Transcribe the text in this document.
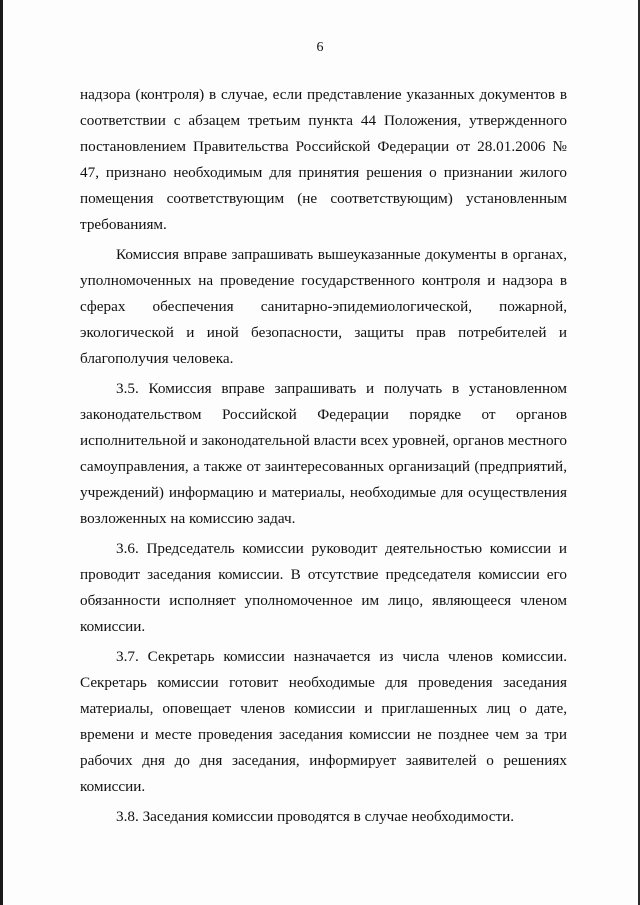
6

надзора (контроля) в случае, если представление указанных документов в соответствии с абзацем третьим пункта 44 Положения, утвержденного постановлением Правительства Российской Федерации от 28.01.2006 № 47, признано необходимым для принятия решения о признании жилого помещения соответствующим (не соответствующим) установленным требованиям.

Комиссия вправе запрашивать вышеуказанные документы в органах, уполномоченных на проведение государственного контроля и надзора в сферах обеспечения санитарно-эпидемиологической, пожарной, экологической и иной безопасности, защиты прав потребителей и благополучия человека.

3.5. Комиссия вправе запрашивать и получать в установленном законодательством Российской Федерации порядке от органов исполнительной и законодательной власти всех уровней, органов местного самоуправления, а также от заинтересованных организаций (предприятий, учреждений) информацию и материалы, необходимые для осуществления возложенных на комиссию задач.

3.6. Председатель комиссии руководит деятельностью комиссии и проводит заседания комиссии. В отсутствие председателя комиссии его обязанности исполняет уполномоченное им лицо, являющееся членом комиссии.

3.7. Секретарь комиссии назначается из числа членов комиссии. Секретарь комиссии готовит необходимые для проведения заседания материалы, оповещает членов комиссии и приглашенных лиц о дате, времени и месте проведения заседания комиссии не позднее чем за три рабочих дня до дня заседания, информирует заявителей о решениях комиссии.

3.8. Заседания комиссии проводятся в случае необходимости.
